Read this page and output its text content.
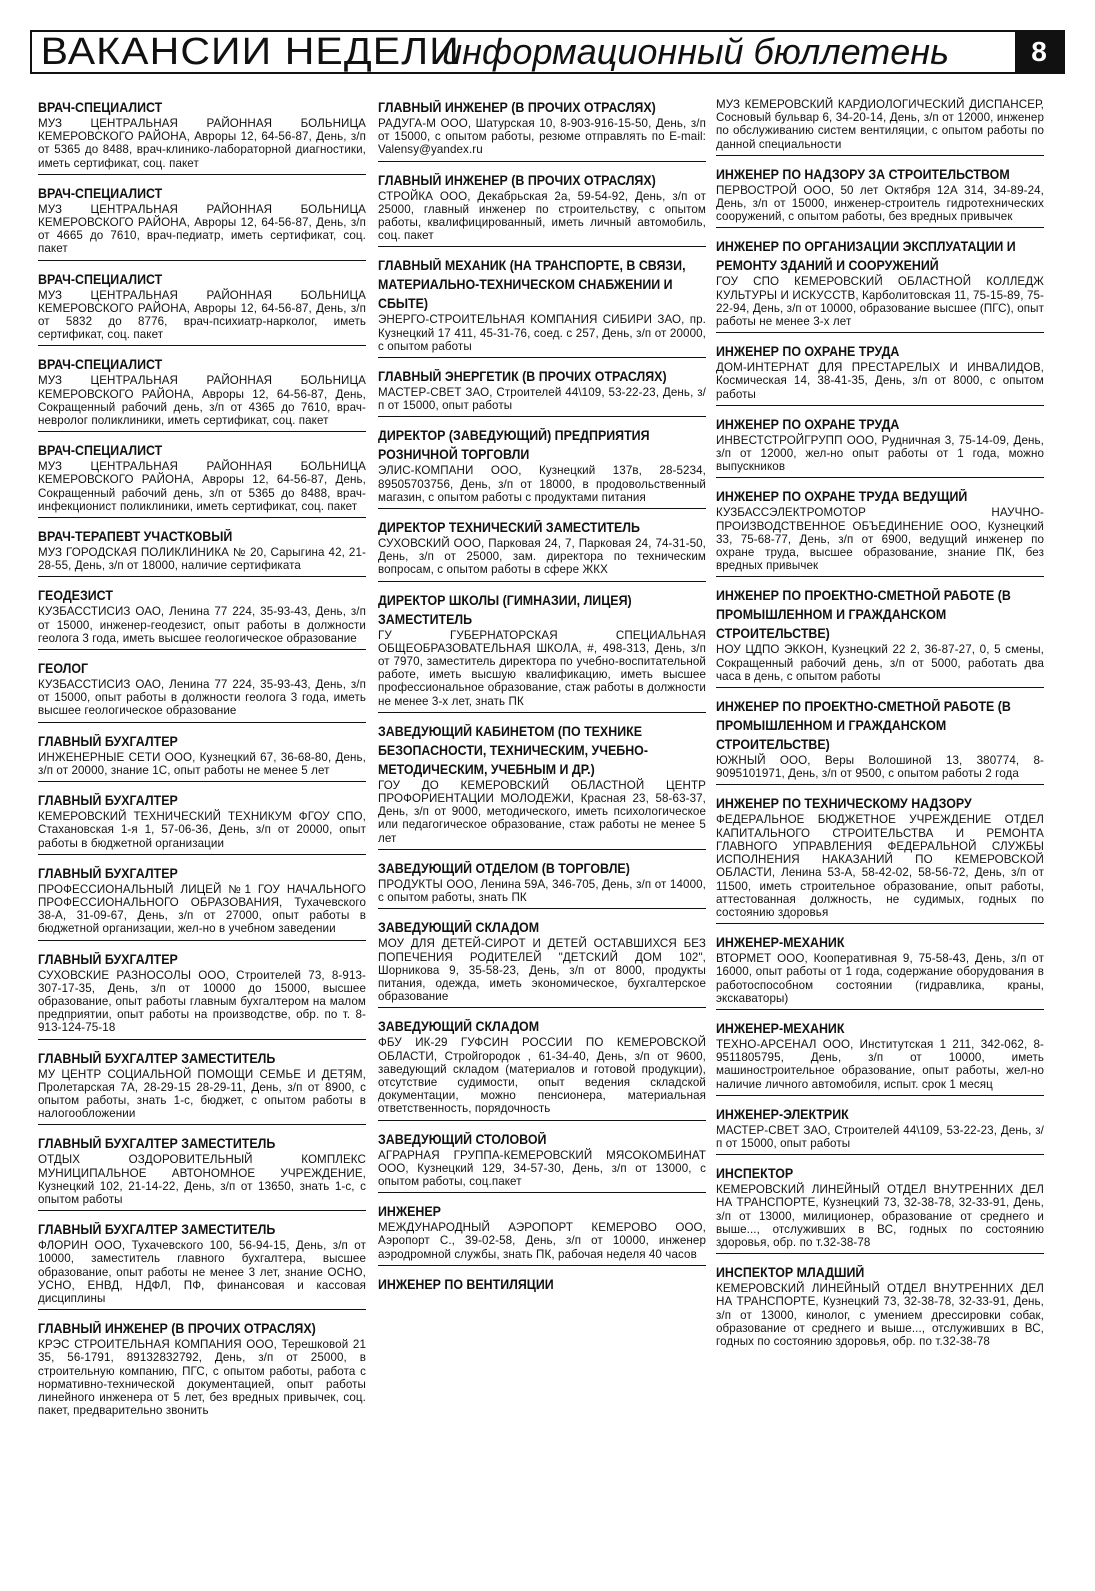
ВАКАНСИИ НЕДЕЛИ
информационный бюллетень	8
ВРАЧ-СПЕЦИАЛИСТ
МУЗ ЦЕНТРАЛЬНАЯ РАЙОННАЯ БОЛЬНИЦА КЕМЕРОВСКОГО РАЙОНА, Авроры 12, 64-56-87, День, з/п от 5365 до 8488, врач-клинико-лабораторной диагностики, иметь сертификат, соц. пакет
ВРАЧ-СПЕЦИАЛИСТ
МУЗ ЦЕНТРАЛЬНАЯ РАЙОННАЯ БОЛЬНИЦА КЕМЕРОВСКОГО РАЙОНА, Авроры 12, 64-56-87, День, з/п от 4665 до 7610, врач-педиатр, иметь сертификат, соц. пакет
ВРАЧ-СПЕЦИАЛИСТ
МУЗ ЦЕНТРАЛЬНАЯ РАЙОННАЯ БОЛЬНИЦА КЕМЕРОВСКОГО РАЙОНА, Авроры 12, 64-56-87, День, з/п от 5832 до 8776, врач-психиатр-нарколог, иметь сертификат, соц. пакет
ВРАЧ-СПЕЦИАЛИСТ
МУЗ ЦЕНТРАЛЬНАЯ РАЙОННАЯ БОЛЬНИЦА КЕМЕРОВСКОГО РАЙОНА, Авроры 12, 64-56-87, День, Сокращенный рабочий день, з/п от 4365 до 7610, врач-невролог поликлиники, иметь сертификат, соц. пакет
ВРАЧ-СПЕЦИАЛИСТ
МУЗ ЦЕНТРАЛЬНАЯ РАЙОННАЯ БОЛЬНИЦА КЕМЕРОВСКОГО РАЙОНА, Авроры 12, 64-56-87, День, Сокращенный рабочий день, з/п от 5365 до 8488, врач-инфекционист поликлиники, иметь сертификат, соц. пакет
ВРАЧ-ТЕРАПЕВТ УЧАСТКОВЫЙ
МУЗ ГОРОДСКАЯ ПОЛИКЛИНИКА № 20, Сарыгина 42, 21-28-55, День, з/п от 18000, наличие сертификата
ГЕОДЕЗИСТ
КУЗБАССТИСИЗ ОАО, Ленина 77 224, 35-93-43, День, з/п от 15000, инженер-геодезист, опыт работы в должности геолога 3 года, иметь высшее геологическое образование
ГЕОЛОГ
КУЗБАССТИСИЗ ОАО, Ленина 77 224, 35-93-43, День, з/п от 15000, опыт работы в должности геолога 3 года, иметь высшее геологическое образование
ГЛАВНЫЙ БУХГАЛТЕР
ИНЖЕНЕРНЫЕ СЕТИ ООО, Кузнецкий 67, 36-68-80, День, з/п от 20000, знание 1С, опыт работы не менее 5 лет
ГЛАВНЫЙ БУХГАЛТЕР
КЕМЕРОВСКИЙ ТЕХНИЧЕСКИЙ ТЕХНИКУМ ФГОУ СПО, Стахановская 1-я 1, 57-06-36, День, з/п от 20000, опыт работы в бюджетной организации
ГЛАВНЫЙ БУХГАЛТЕР
ПРОФЕССИОНАЛЬНЫЙ ЛИЦЕЙ №1 ГОУ НАЧАЛЬНОГО ПРОФЕССИОНАЛЬНОГО ОБРАЗОВАНИЯ, Тухачевского 38-А, 31-09-67, День, з/п от 27000, опыт работы в бюджетной организации, жел-но в учебном заведении
ГЛАВНЫЙ БУХГАЛТЕР
СУХОВСКИЕ РАЗНОСОЛЫ ООО, Строителей 73, 8-913-307-17-35, День, з/п от 10000 до 15000, высшее образование, опыт работы главным бухгалтером на малом предприятии, опыт работы на производстве, обр. по т. 8-913-124-75-18
ГЛАВНЫЙ БУХГАЛТЕР ЗАМЕСТИТЕЛЬ
МУ ЦЕНТР СОЦИАЛЬНОЙ ПОМОЩИ СЕМЬЕ И ДЕТЯМ, Пролетарская 7А, 28-29-15 28-29-11, День, з/п от 8900, с опытом работы, знать 1-с, бюджет, с опытом работы в налогообложении
ГЛАВНЫЙ БУХГАЛТЕР ЗАМЕСТИТЕЛЬ
ОТДЫХ ОЗДОРОВИТЕЛЬНЫЙ КОМПЛЕКС МУНИЦИПАЛЬНОЕ АВТОНОМНОЕ УЧРЕЖДЕНИЕ, Кузнецкий 102, 21-14-22, День, з/п от 13650, знать 1-с, с опытом работы
ГЛАВНЫЙ БУХГАЛТЕР ЗАМЕСТИТЕЛЬ
ФЛОРИН ООО, Тухачевского 100, 56-94-15, День, з/п от 10000, заместитель главного бухгалтера, высшее образование, опыт работы не менее 3 лет, знание ОСНО, УСНО, ЕНВД, НДФЛ, ПФ, финансовая и кассовая дисциплины
ГЛАВНЫЙ ИНЖЕНЕР (В ПРОЧИХ ОТРАСЛЯХ)
КРЭС СТРОИТЕЛЬНАЯ КОМПАНИЯ ООО, Терешковой 21 35, 56-1791, 89132832792, День, з/п от 25000, в строительную компанию, ПГС, с опытом работы, работа с нормативно-технической документацией, опыт работы линейного инженера от 5 лет, без вредных привычек, соц. пакет, предварительно звонить
ГЛАВНЫЙ ИНЖЕНЕР (В ПРОЧИХ ОТРАСЛЯХ)
РАДУГА-М ООО, Шатурская 10, 8-903-916-15-50, День, з/п от 15000, с опытом работы, резюме отправлять по E-mail: Valensy@yandex.ru
ГЛАВНЫЙ ИНЖЕНЕР (В ПРОЧИХ ОТРАСЛЯХ)
СТРОЙКА ООО, Декабрьская 2а, 59-54-92, День, з/п от 25000, главный инженер по строительству, с опытом работы, квалифицированный, иметь личный автомобиль, соц. пакет
ГЛАВНЫЙ МЕХАНИК (НА ТРАНСПОРТЕ, В СВЯЗИ, МАТЕРИАЛЬНО-ТЕХНИЧЕСКОМ СНАБЖЕНИИ И СБЫТЕ)
ЭНЕРГО-СТРОИТЕЛЬНАЯ КОМПАНИЯ СИБИРИ ЗАО, пр. Кузнецкий 17 411, 45-31-76, соед. с 257, День, з/п от 20000, с опытом работы
ГЛАВНЫЙ ЭНЕРГЕТИК (В ПРОЧИХ ОТРАСЛЯХ)
МАСТЕР-СВЕТ ЗАО, Строителей 44\109, 53-22-23, День, з/п от 15000, опыт работы
ДИРЕКТОР (ЗАВЕДУЮЩИЙ) ПРЕДПРИЯТИЯ РОЗНИЧНОЙ ТОРГОВЛИ
ЭЛИС-КОМПАНИ ООО, Кузнецкий 137в, 28-5234, 89505703756, День, з/п от 18000, в продовольственный магазин, с опытом работы с продуктами питания
ДИРЕКТОР ТЕХНИЧЕСКИЙ ЗАМЕСТИТЕЛЬ
СУХОВСКИЙ ООО, Парковая 24, 7, Парковая 24, 74-31-50, День, з/п от 25000, зам. директора по техническим вопросам, с опытом работы в сфере ЖКХ
ДИРЕКТОР ШКОЛЫ (ГИМНАЗИИ, ЛИЦЕЯ) ЗАМЕСТИТЕЛЬ
ГУ ГУБЕРНАТОРСКАЯ СПЕЦИАЛЬНАЯ ОБЩЕОБРАЗОВАТЕЛЬНАЯ ШКОЛА, #, 498-313, День, з/п от 7970, заместитель директора по учебно-воспитательной работе, иметь высшую квалификацию, иметь высшее профессиональное образование, стаж работы в должности не менее 3-х лет, знать ПК
ЗАВЕДУЮЩИЙ КАБИНЕТОМ (ПО ТЕХНИКЕ БЕЗОПАСНОСТИ, ТЕХНИЧЕСКИМ, УЧЕБНО-МЕТОДИЧЕСКИМ, УЧЕБНЫМ И ДР.)
ГОУ ДО КЕМЕРОВСКИЙ ОБЛАСТНОЙ ЦЕНТР ПРОФОРИЕНТАЦИИ МОЛОДЕЖИ, Красная 23, 58-63-37, День, з/п от 9000, методического, иметь психологическое или педагогическое образование, стаж работы не менее 5 лет
ЗАВЕДУЮЩИЙ ОТДЕЛОМ (В ТОРГОВЛЕ)
ПРОДУКТЫ ООО, Ленина 59А, 346-705, День, з/п от 14000, с опытом работы, знать ПК
ЗАВЕДУЮЩИЙ СКЛАДОМ
МОУ ДЛЯ ДЕТЕЙ-СИРОТ И ДЕТЕЙ ОСТАВШИХСЯ БЕЗ ПОПЕЧЕНИЯ РОДИТЕЛЕЙ "ДЕТСКИЙ ДОМ 102", Шорникова 9, 35-58-23, День, з/п от 8000, продукты питания, одежда, иметь экономическое, бухгалтерское образование
ЗАВЕДУЮЩИЙ СКЛАДОМ
ФБУ ИК-29 ГУФСИН РОССИИ ПО КЕМЕРОВСКОЙ ОБЛАСТИ, Стройгородок , 61-34-40, День, з/п от 9600, заведующий складом (материалов и готовой продукции), отсутствие судимости, опыт ведения складской документации, можно пенсионера, материальная ответственность, порядочность
ЗАВЕДУЮЩИЙ СТОЛОВОЙ
АГРАРНАЯ ГРУППА-КЕМЕРОВСКИЙ МЯСОКОМБИНАТ ООО, Кузнецкий 129, 34-57-30, День, з/п от 13000, с опытом работы, соц.пакет
ИНЖЕНЕР
МЕЖДУНАРОДНЫЙ АЭРОПОРТ КЕМЕРОВО ООО, Аэропорт С., 39-02-58, День, з/п от 10000, инженер аэродромной службы, знать ПК, рабочая неделя 40 часов
ИНЖЕНЕР ПО ВЕНТИЛЯЦИИ
МУЗ КЕМЕРОВСКИЙ КАРДИОЛОГИЧЕСКИЙ ДИСПАНСЕР, Сосновый бульвар 6, 34-20-14, День, з/п от 12000, инженер по обслуживанию систем вентиляции, с опытом работы по данной специальности
ИНЖЕНЕР ПО НАДЗОРУ ЗА СТРОИТЕЛЬСТВОМ
ПЕРВОСТРОЙ ООО, 50 лет Октября 12А 314, 34-89-24, День, з/п от 15000, инженер-строитель гидротехнических сооружений, с опытом работы, без вредных привычек
ИНЖЕНЕР ПО ОРГАНИЗАЦИИ ЭКСПЛУАТАЦИИ И РЕМОНТУ ЗДАНИЙ И СООРУЖЕНИЙ
ГОУ СПО КЕМЕРОВСКИЙ ОБЛАСТНОЙ КОЛЛЕДЖ КУЛЬТУРЫ И ИСКУССТВ, Карболитовская 11, 75-15-89, 75-22-94, День, з/п от 10000, образование высшее (ПГС), опыт работы не менее 3-х лет
ИНЖЕНЕР ПО ОХРАНЕ ТРУДА
ДОМ-ИНТЕРНАТ ДЛЯ ПРЕСТАРЕЛЫХ И ИНВАЛИДОВ, Космическая 14, 38-41-35, День, з/п от 8000, с опытом работы
ИНЖЕНЕР ПО ОХРАНЕ ТРУДА
ИНВЕСТСТРОЙГРУПП ООО, Рудничная 3, 75-14-09, День, з/п от 12000, жел-но опыт работы от 1 года, можно выпускников
ИНЖЕНЕР ПО ОХРАНЕ ТРУДА ВЕДУЩИЙ
КУЗБАССЭЛЕКТРОМОТОР НАУЧНО-ПРОИЗВОДСТВЕННОЕ ОБЪЕДИНЕНИЕ ООО, Кузнецкий 33, 75-68-77, День, з/п от 6900, ведущий инженер по охране труда, высшее образование, знание ПК, без вредных привычек
ИНЖЕНЕР ПО ПРОЕКТНО-СМЕТНОЙ РАБОТЕ (В ПРОМЫШЛЕННОМ И ГРАЖДАНСКОМ СТРОИТЕЛЬСТВЕ)
НОУ ЦДПО ЭККОН, Кузнецкий 22 2, 36-87-27, 0, 5 смены, Сокращенный рабочий день, з/п от 5000, работать два часа в день, с опытом работы
ИНЖЕНЕР ПО ПРОЕКТНО-СМЕТНОЙ РАБОТЕ (В ПРОМЫШЛЕННОМ И ГРАЖДАНСКОМ СТРОИТЕЛЬСТВЕ)
ЮЖНЫЙ ООО, Веры Волошиной 13, 380774, 8-9095101971, День, з/п от 9500, с опытом работы 2 года
ИНЖЕНЕР ПО ТЕХНИЧЕСКОМУ НАДЗОРУ
ФЕДЕРАЛЬНОЕ БЮДЖЕТНОЕ УЧРЕЖДЕНИЕ ОТДЕЛ КАПИТАЛЬНОГО СТРОИТЕЛЬСТВА И РЕМОНТА ГЛАВНОГО УПРАВЛЕНИЯ ФЕДЕРАЛЬНОЙ СЛУЖБЫ ИСПОЛНЕНИЯ НАКАЗАНИЙ ПО КЕМЕРОВСКОЙ ОБЛАСТИ, Ленина 53-А, 58-42-02, 58-56-72, День, з/п от 11500, иметь строительное образование, опыт работы, аттестованная должность, не судимых, годных по состоянию здоровья
ИНЖЕНЕР-МЕХАНИК
ВТОРМЕТ ООО, Кооперативная 9, 75-58-43, День, з/п от 16000, опыт работы от 1 года, содержание оборудования в работоспособном состоянии (гидравлика, краны, экскаваторы)
ИНЖЕНЕР-МЕХАНИК
ТЕХНО-АРСЕНАЛ ООО, Институтская 1 211, 342-062, 8-9511805795, День, з/п от 10000, иметь машиностроительное образование, опыт работы, жел-но наличие личного автомобиля, испыт. срок 1 месяц
ИНЖЕНЕР-ЭЛЕКТРИК
МАСТЕР-СВЕТ ЗАО, Строителей 44\109, 53-22-23, День, з/п от 15000, опыт работы
ИНСПЕКТОР
КЕМЕРОВСКИЙ ЛИНЕЙНЫЙ ОТДЕЛ ВНУТРЕННИХ ДЕЛ НА ТРАНСПОРТЕ, Кузнецкий 73, 32-38-78, 32-33-91, День, з/п от 13000, милиционер, образование от среднего и выше..., отслуживших в ВС, годных по состоянию здоровья, обр. по т.32-38-78
ИНСПЕКТОР МЛАДШИЙ
КЕМЕРОВСКИЙ ЛИНЕЙНЫЙ ОТДЕЛ ВНУТРЕННИХ ДЕЛ НА ТРАНСПОРТЕ, Кузнецкий 73, 32-38-78, 32-33-91, День, з/п от 13000, кинолог, с умением дрессировки собак, образование от среднего и выше..., отслуживших в ВС, годных по состоянию здоровья, обр. по т.32-38-78
